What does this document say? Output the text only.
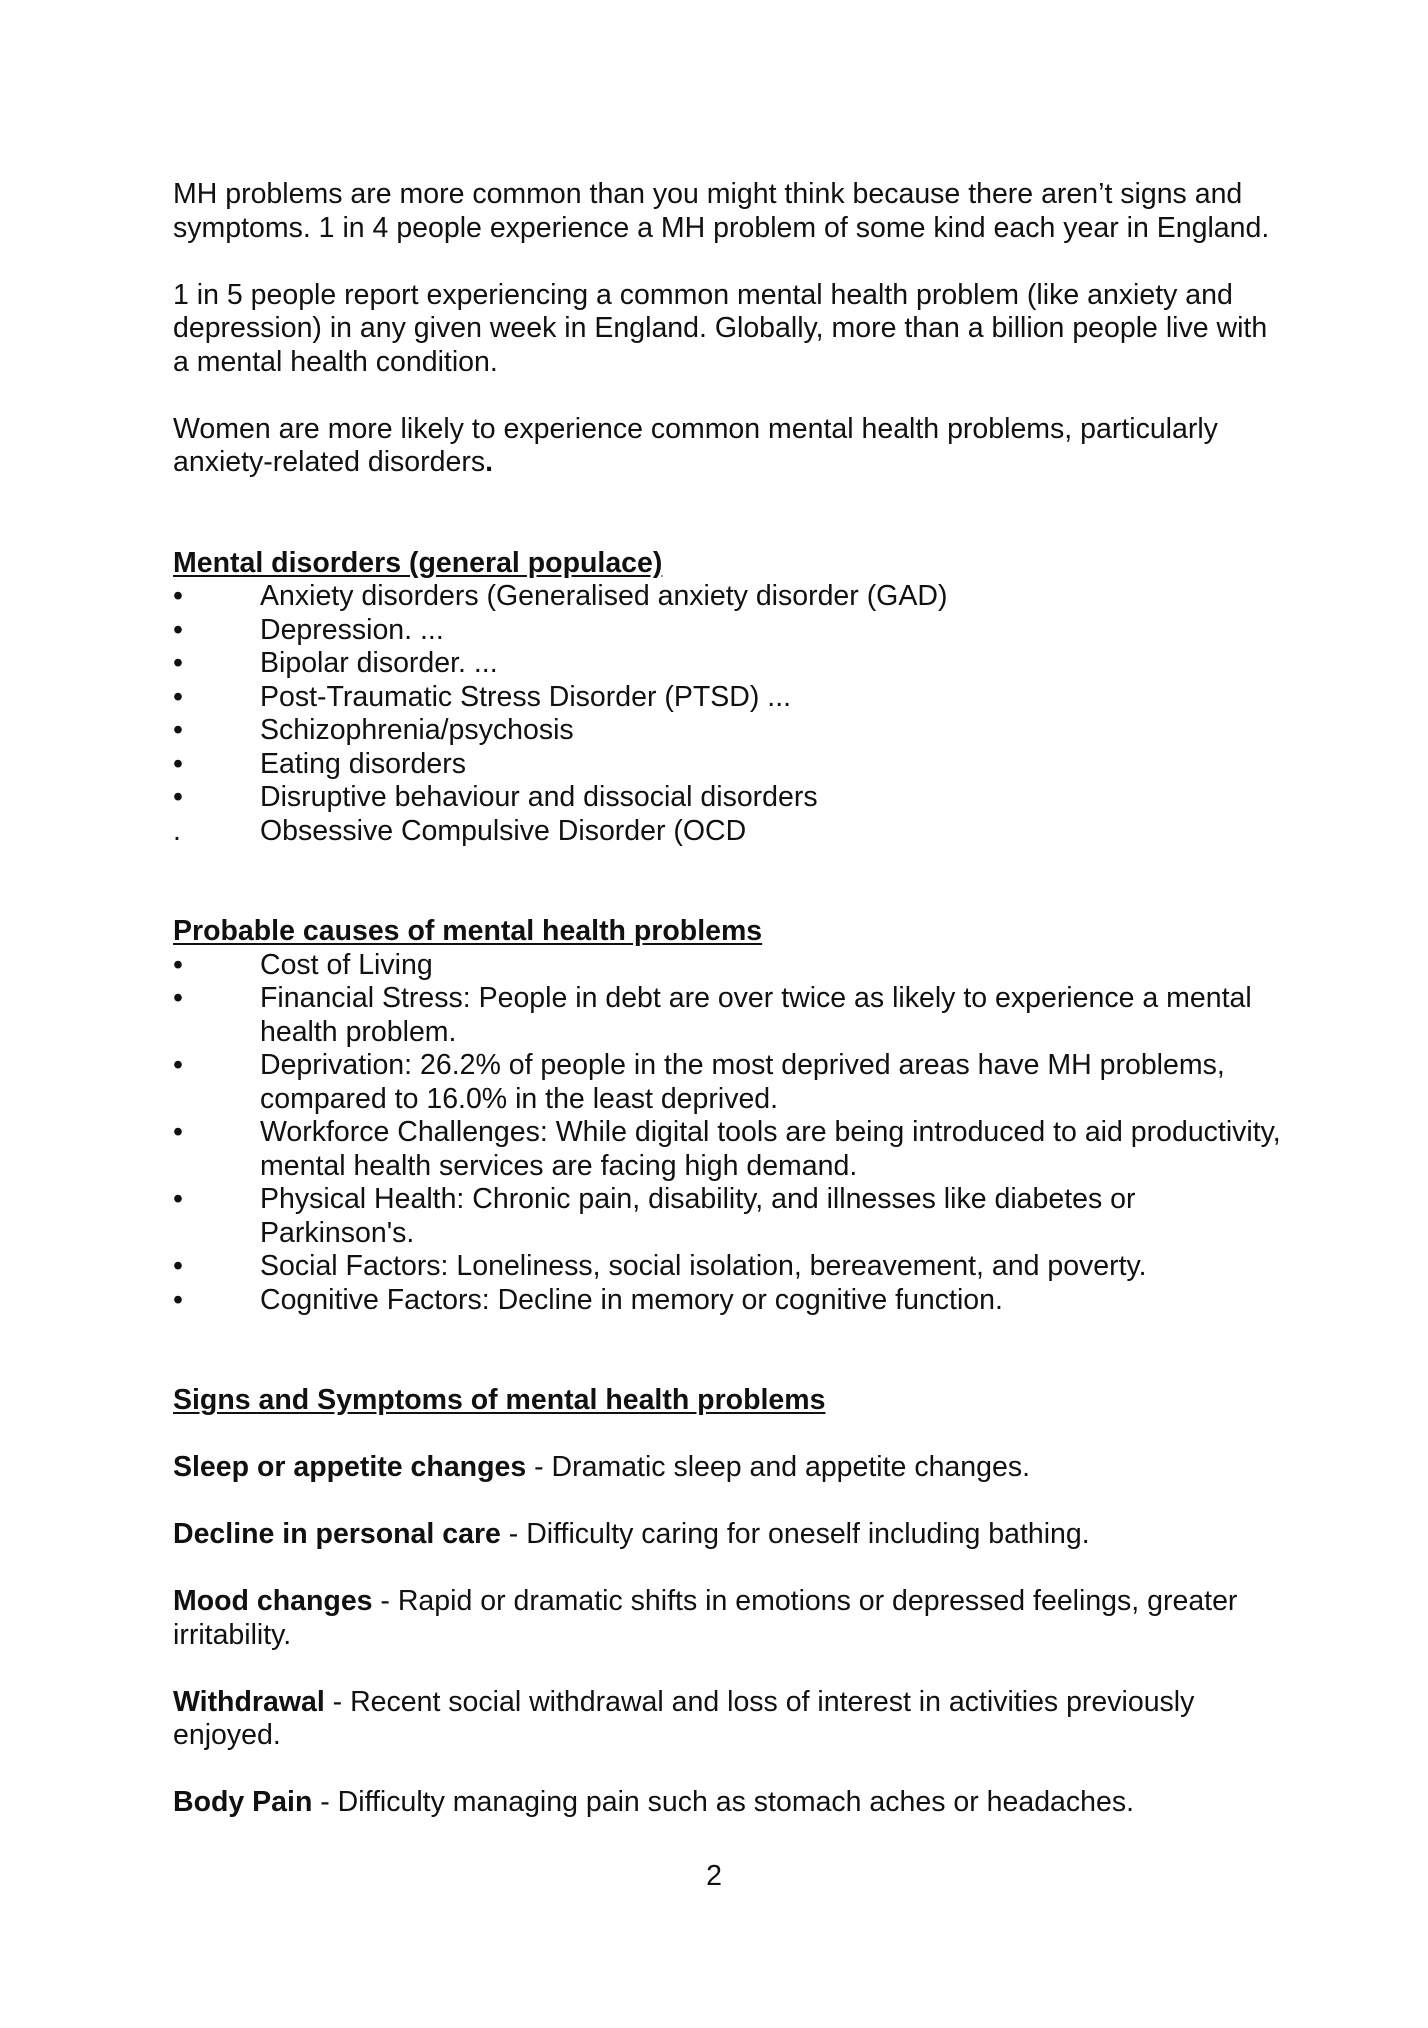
MH problems are more common than you might think because there aren’t signs and symptoms. 1 in 4 people experience a MH problem of some kind each year in England.

1 in 5 people report experiencing a common mental health problem (like anxiety and depression) in any given week in England. Globally, more than a billion people live with a mental health condition.

Women are more likely to experience common mental health problems, particularly anxiety-related disorders.

Mental disorders (general populace)

•	Anxiety disorders (Generalised anxiety disorder (GAD)
•	Depression. ...
•	Bipolar disorder. ...
•	Post-Traumatic Stress Disorder (PTSD) ...
•	Schizophrenia/psychosis
•	Eating disorders
•	Disruptive behaviour and dissocial disorders
.	Obsessive Compulsive Disorder (OCD

Probable causes of mental health problems

•	Cost of Living
•	Financial Stress: People in debt are over twice as likely to experience a mental health problem.
•	Deprivation: 26.2% of people in the most deprived areas have MH problems, compared to 16.0% in the least deprived.
•	Workforce Challenges: While digital tools are being introduced to aid productivity, mental health services are facing high demand.
•	Physical Health: Chronic pain, disability, and illnesses like diabetes or Parkinson's.
•	Social Factors: Loneliness, social isolation, bereavement, and poverty.
•	Cognitive Factors: Decline in memory or cognitive function.

Signs and Symptoms of mental health problems

Sleep or appetite changes - Dramatic sleep and appetite changes.

Decline in personal care - Difficulty caring for oneself including bathing.

Mood changes - Rapid or dramatic shifts in emotions or depressed feelings, greater irritability.

Withdrawal - Recent social withdrawal and loss of interest in activities previously enjoyed.

Body Pain - Difficulty managing pain such as stomach aches or headaches.

2
